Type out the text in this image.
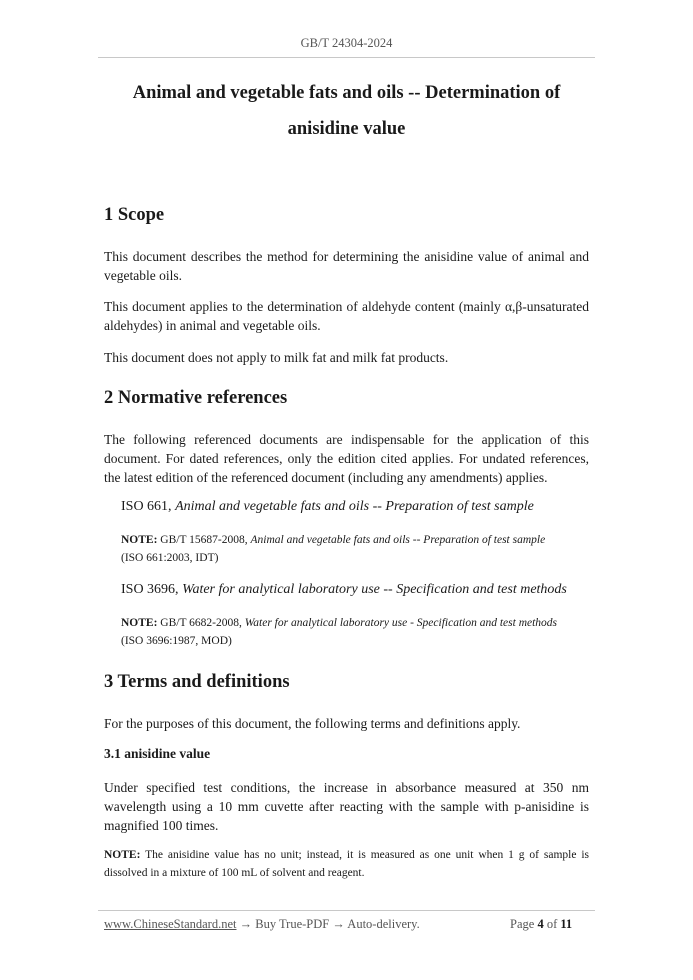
GB/T 24304-2024
Animal and vegetable fats and oils -- Determination of
anisidine value
1 Scope
This document describes the method for determining the anisidine value of animal and vegetable oils.
This document applies to the determination of aldehyde content (mainly α,β-unsaturated aldehydes) in animal and vegetable oils.
This document does not apply to milk fat and milk fat products.
2 Normative references
The following referenced documents are indispensable for the application of this document. For dated references, only the edition cited applies. For undated references, the latest edition of the referenced document (including any amendments) applies.
ISO 661, Animal and vegetable fats and oils -- Preparation of test sample
NOTE: GB/T 15687-2008, Animal and vegetable fats and oils -- Preparation of test sample
(ISO 661:2003, IDT)
ISO 3696, Water for analytical laboratory use -- Specification and test methods
NOTE: GB/T 6682-2008, Water for analytical laboratory use - Specification and test methods
(ISO 3696:1987, MOD)
3 Terms and definitions
For the purposes of this document, the following terms and definitions apply.
3.1 anisidine value
Under specified test conditions, the increase in absorbance measured at 350 nm wavelength using a 10 mm cuvette after reacting with the sample with p-anisidine is magnified 100 times.
NOTE: The anisidine value has no unit; instead, it is measured as one unit when 1 g of sample is dissolved in a mixture of 100 mL of solvent and reagent.
www.ChineseStandard.net → Buy True-PDF → Auto-delivery.	Page 4 of 11
